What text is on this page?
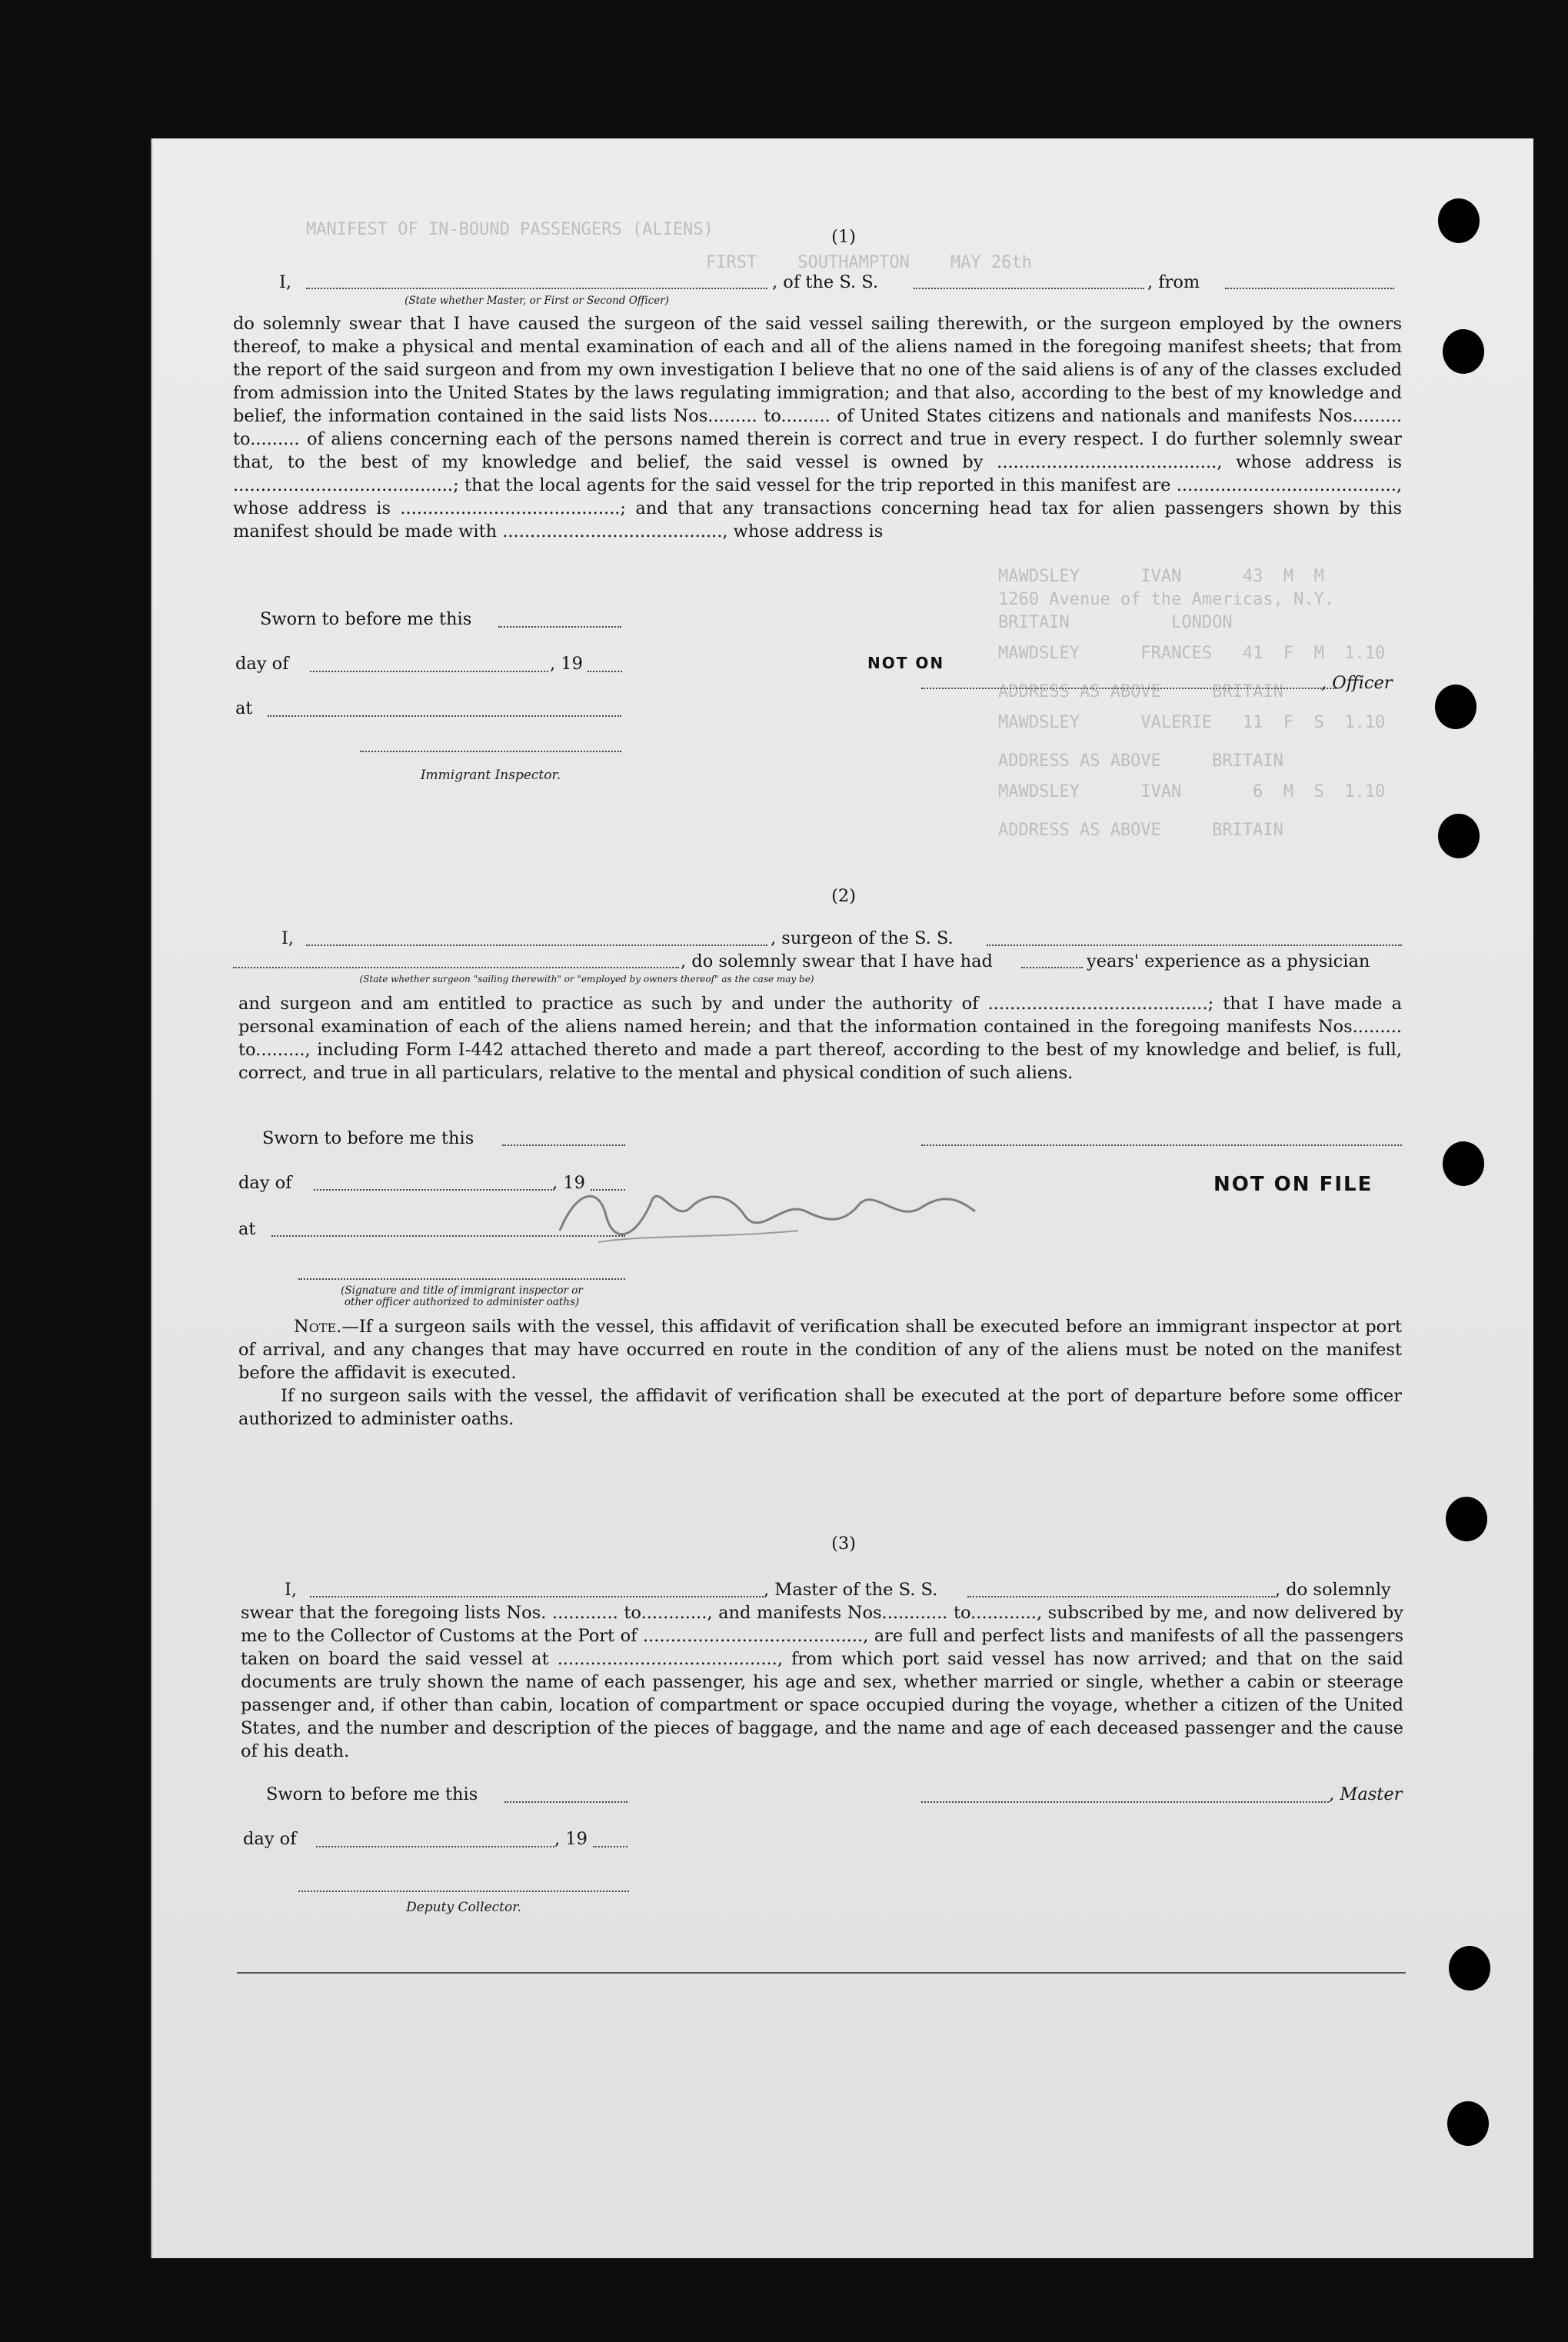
MANIFEST OF IN-BOUND PASSENGERS (ALIENS)
FIRST    SOUTHAMPTON    MAY 26th
MAWDSLEY      IVAN      43  M  M
1260 Avenue of the Americas, N.Y.
BRITAIN          LONDON
MAWDSLEY      FRANCES   41  F  M  1.10
ADDRESS AS ABOVE     BRITAIN
MAWDSLEY      VALERIE   11  F  S  1.10
ADDRESS AS ABOVE     BRITAIN
MAWDSLEY      IVAN       6  M  S  1.10
ADDRESS AS ABOVE     BRITAIN
(1)
I,	, of the S. S.	, from
(State whether Master, or First or Second Officer)
do solemnly swear that I have caused the surgeon of the said vessel sailing therewith, or the surgeon employed by the owners thereof, to make a physical and mental examination of each and all of the aliens named in the foregoing manifest sheets; that from the report of the said surgeon and from my own investigation I believe that no one of the said aliens is of any of the classes excluded from admission into the United States by the laws regulating immigration; and that also, according to the best of my knowledge and belief, the information contained in the said lists Nos......... to......... of United States citizens and nationals and manifests Nos......... to......... of aliens concerning each of the persons named therein is correct and true in every respect. I do further solemnly swear that, to the best of my knowledge and belief, the said vessel is owned by ........................................, whose address is ........................................; that the local agents for the said vessel for the trip reported in this manifest are ........................................, whose address is ........................................; and that any transactions concerning head tax for alien passengers shown by this manifest should be made with ........................................, whose address is
Sworn to before me this
day of	, 19
at
Immigrant Inspector.
, Officer
NOT ON
(2)
I,	, surgeon of the S. S.
, do solemnly swear that I have had	years' experience as a physician
(State whether surgeon "sailing therewith" or "employed by owners thereof" as the case may be)
and surgeon and am entitled to practice as such by and under the authority of ........................................; that I have made a personal examination of each of the aliens named herein; and that the information contained in the foregoing manifests Nos......... to........., including Form I-442 attached thereto and made a part thereof, according to the best of my knowledge and belief, is full, correct, and true in all particulars, relative to the mental and physical condition of such aliens.
Sworn to before me this
day of	, 19
at
(Signature and title of immigrant inspector or
other officer authorized to administer oaths)
NOT ON FILE
Note.—If a surgeon sails with the vessel, this affidavit of verification shall be executed before an immigrant inspector at port of arrival, and any changes that may have occurred en route in the condition of any of the aliens must be noted on the manifest before the affidavit is executed.
If no surgeon sails with the vessel, the affidavit of verification shall be executed at the port of departure before some officer authorized to administer oaths.
(3)
I,	, Master of the S. S.	, do solemnly
swear that the foregoing lists Nos. ............ to............, and manifests Nos............ to............, subscribed by me, and now delivered by me to the Collector of Customs at the Port of ........................................, are full and perfect lists and manifests of all the passengers taken on board the said vessel at ........................................, from which port said vessel has now arrived; and that on the said documents are truly shown the name of each passenger, his age and sex, whether married or single, whether a cabin or steerage passenger and, if other than cabin, location of compartment or space occupied during the voyage, whether a citizen of the United States, and the number and description of the pieces of baggage, and the name and age of each deceased passenger and the cause of his death.
Sworn to before me this	, Master
day of	, 19
Deputy Collector.
